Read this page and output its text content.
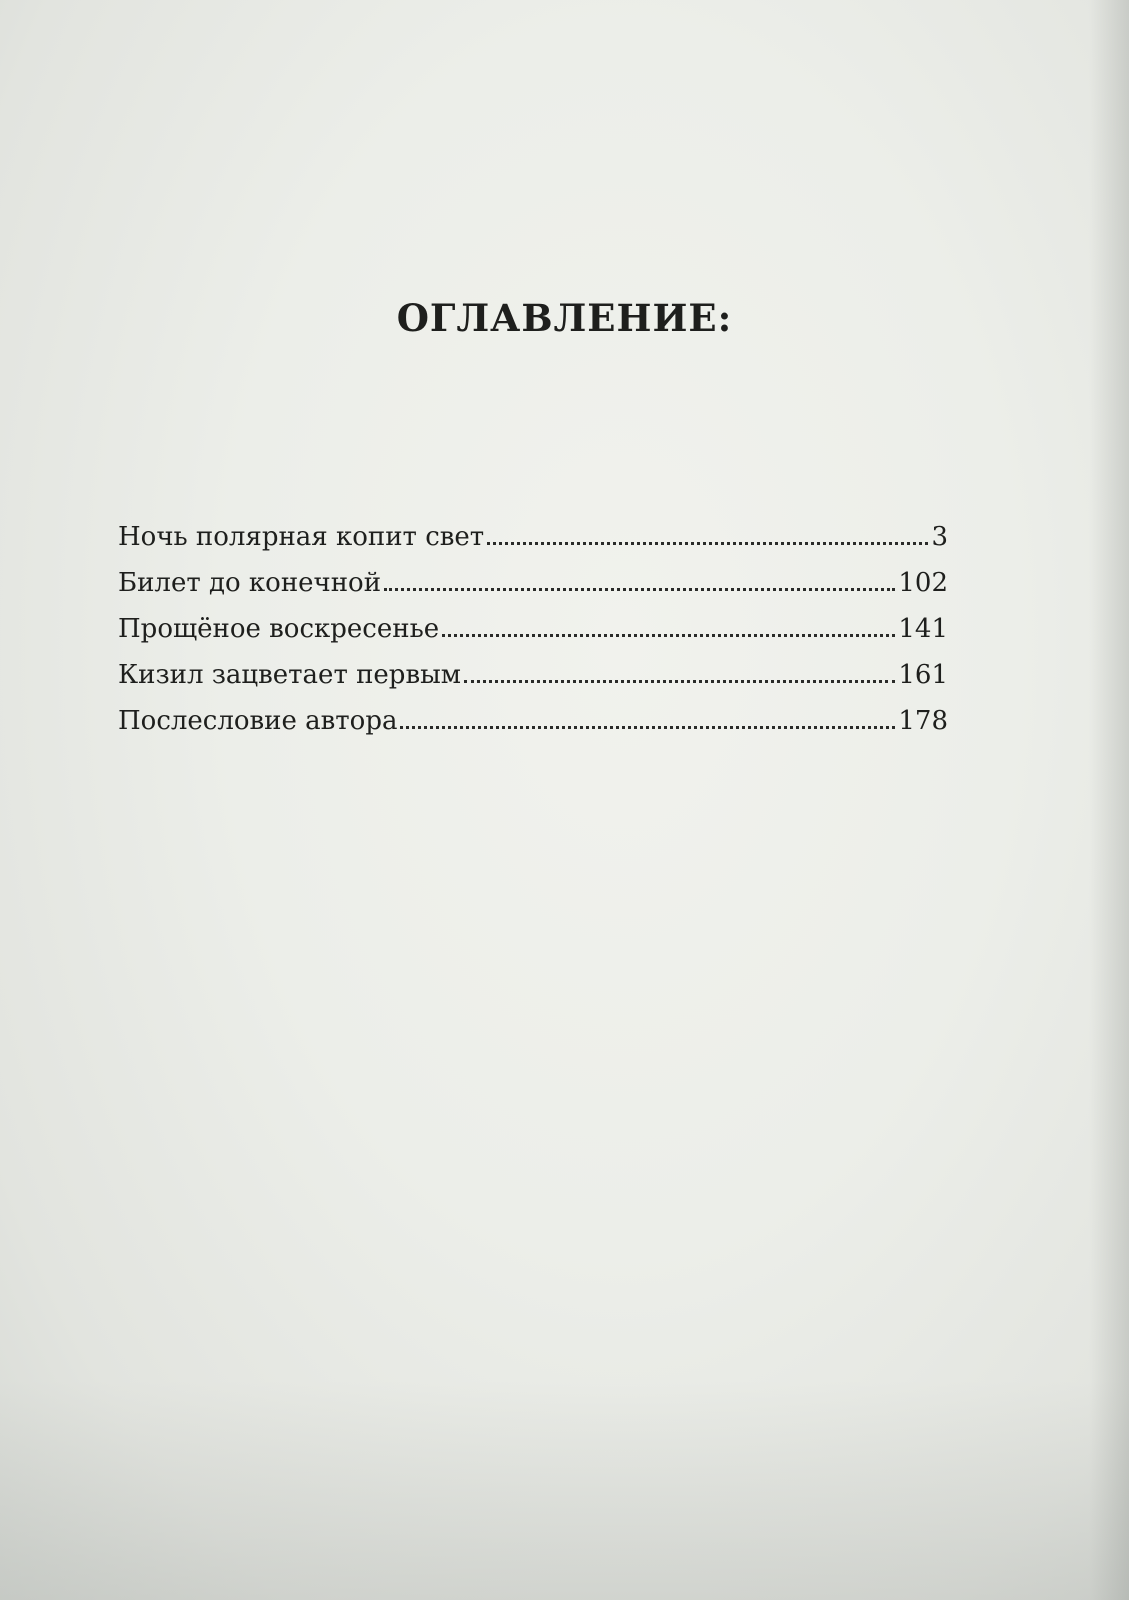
ОГЛАВЛЕНИЕ:
Ночь полярная копит свет	3
Билет до конечной	102
Прощёное воскресенье	141
Кизил зацветает первым	161
Послесловие автора	178
